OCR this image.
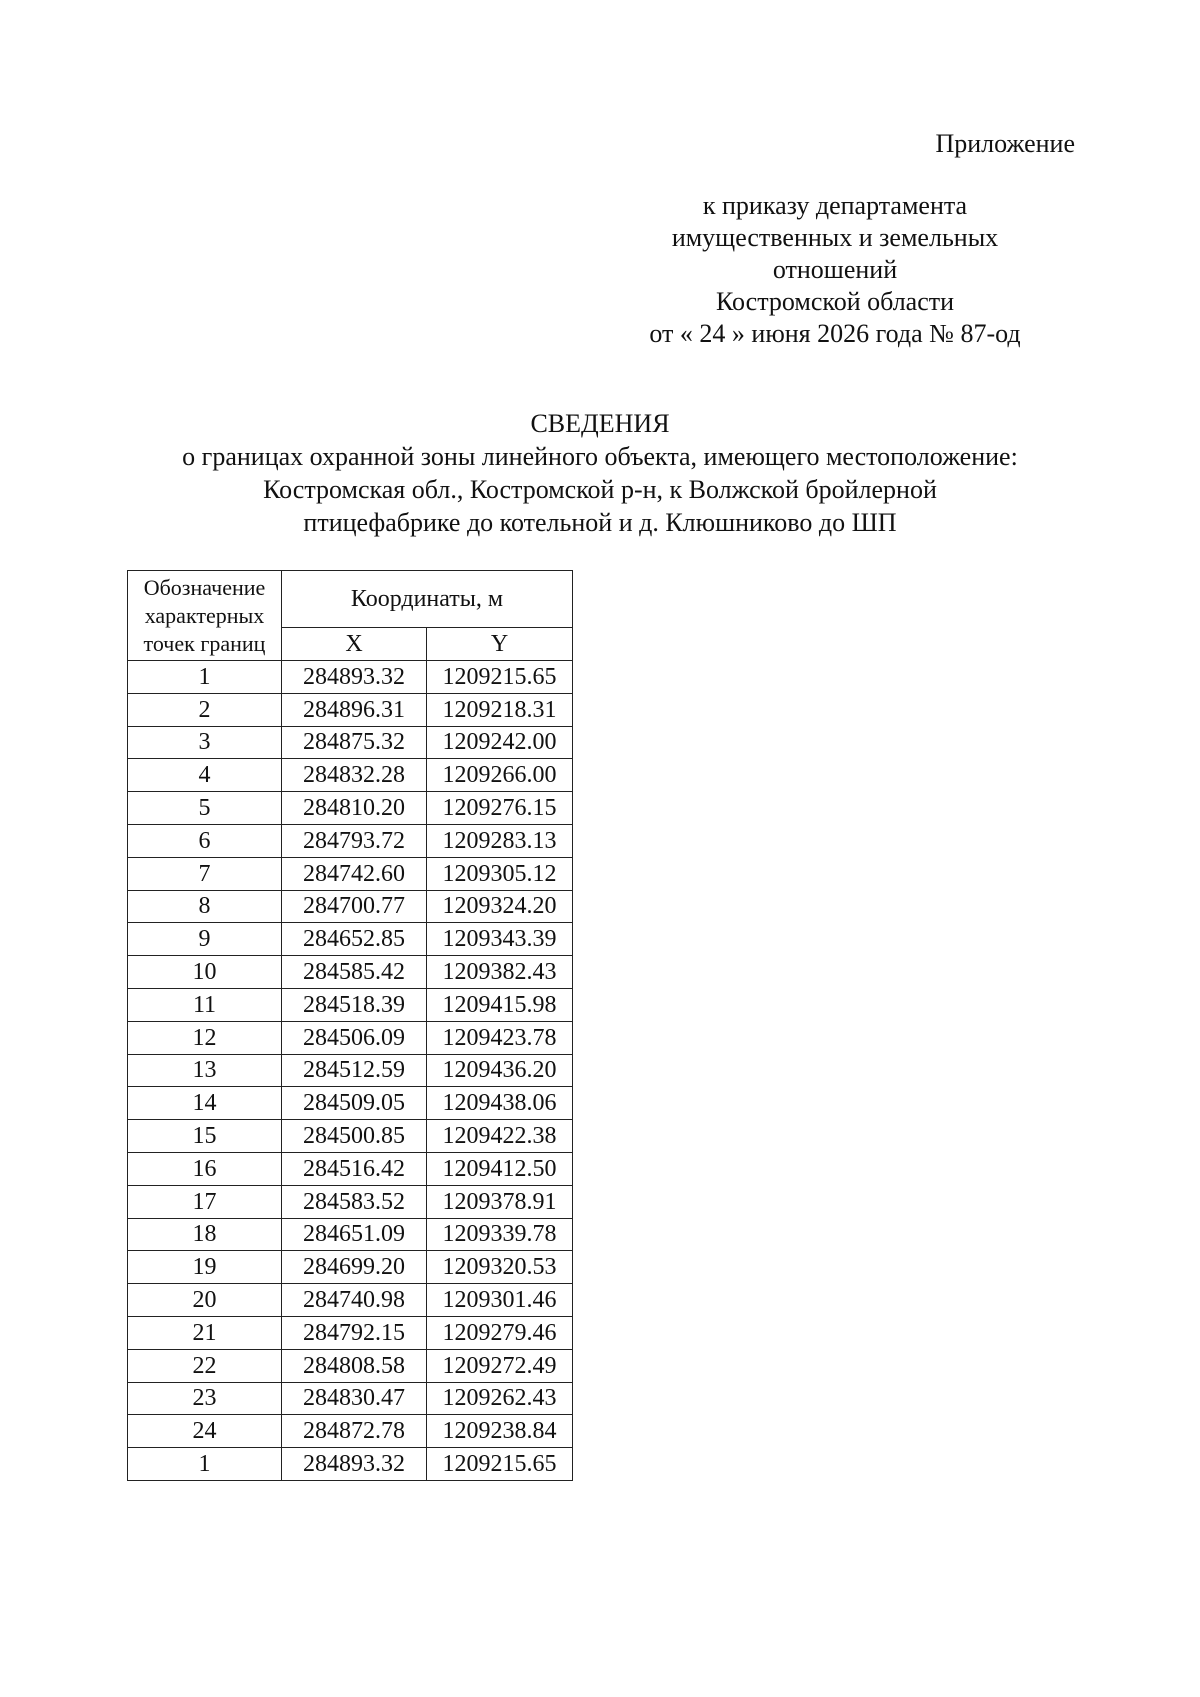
Приложение
к приказу департамента
имущественных и земельных
отношений
Костромской области
от « 24 » июня 2026 года № 87-од
СВЕДЕНИЯ
о границах охранной зоны линейного объекта, имеющего местоположение:
Костромская обл., Костромской р-н, к Волжской бройлерной
птицефабрике до котельной и д. Клюшниково до ШП
Обозначение характерных точек границ	Координаты, м	
	X	Y
1	284893.32	1209215.65
2	284896.31	1209218.31
3	284875.32	1209242.00
4	284832.28	1209266.00
5	284810.20	1209276.15
6	284793.72	1209283.13
7	284742.60	1209305.12
8	284700.77	1209324.20
9	284652.85	1209343.39
10	284585.42	1209382.43
11	284518.39	1209415.98
12	284506.09	1209423.78
13	284512.59	1209436.20
14	284509.05	1209438.06
15	284500.85	1209422.38
16	284516.42	1209412.50
17	284583.52	1209378.91
18	284651.09	1209339.78
19	284699.20	1209320.53
20	284740.98	1209301.46
21	284792.15	1209279.46
22	284808.58	1209272.49
23	284830.47	1209262.43
24	284872.78	1209238.84
1	284893.32	1209215.65
